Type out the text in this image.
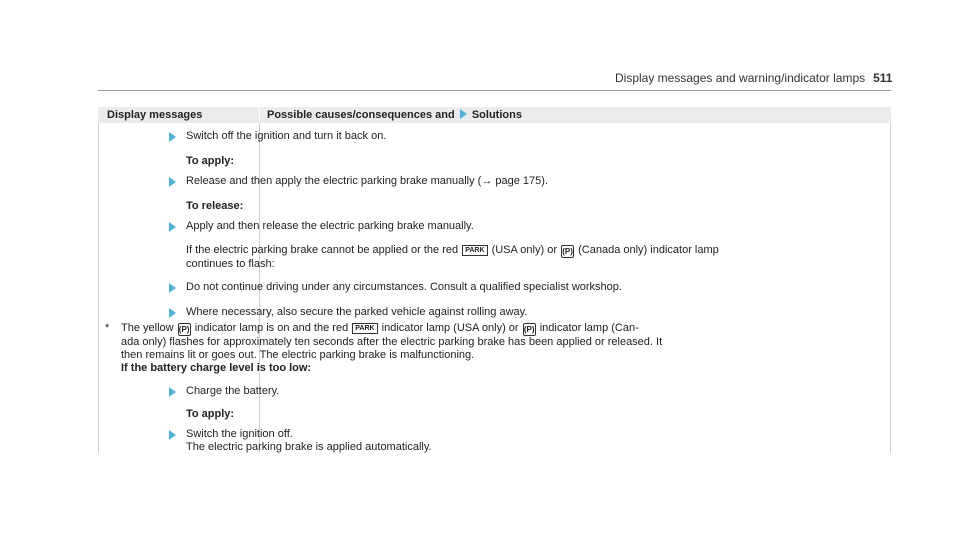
Display messages and warning/indicator lamps 511
Display messages	Possible causes/consequences and Solutions
Switch off the ignition and turn it back on.
To apply:
Release and then apply the electric parking brake manually (→ page 175).
To release:
Apply and then release the electric parking brake manually.
If the electric parking brake cannot be applied or the red PARK (USA only) or (P) (Canada only) indicator lamp
continues to flash:
Do not continue driving under any circumstances. Consult a qualified specialist workshop.
Where necessary, also secure the parked vehicle against rolling away.
* The yellow (P) indicator lamp is on and the red PARK indicator lamp (USA only) or (P) indicator lamp (Can-
ada only) flashes for approximately ten seconds after the electric parking brake has been applied or released. It
then remains lit or goes out. The electric parking brake is malfunctioning.
If the battery charge level is too low:
Charge the battery.
To apply:
Switch the ignition off.
The electric parking brake is applied automatically.
